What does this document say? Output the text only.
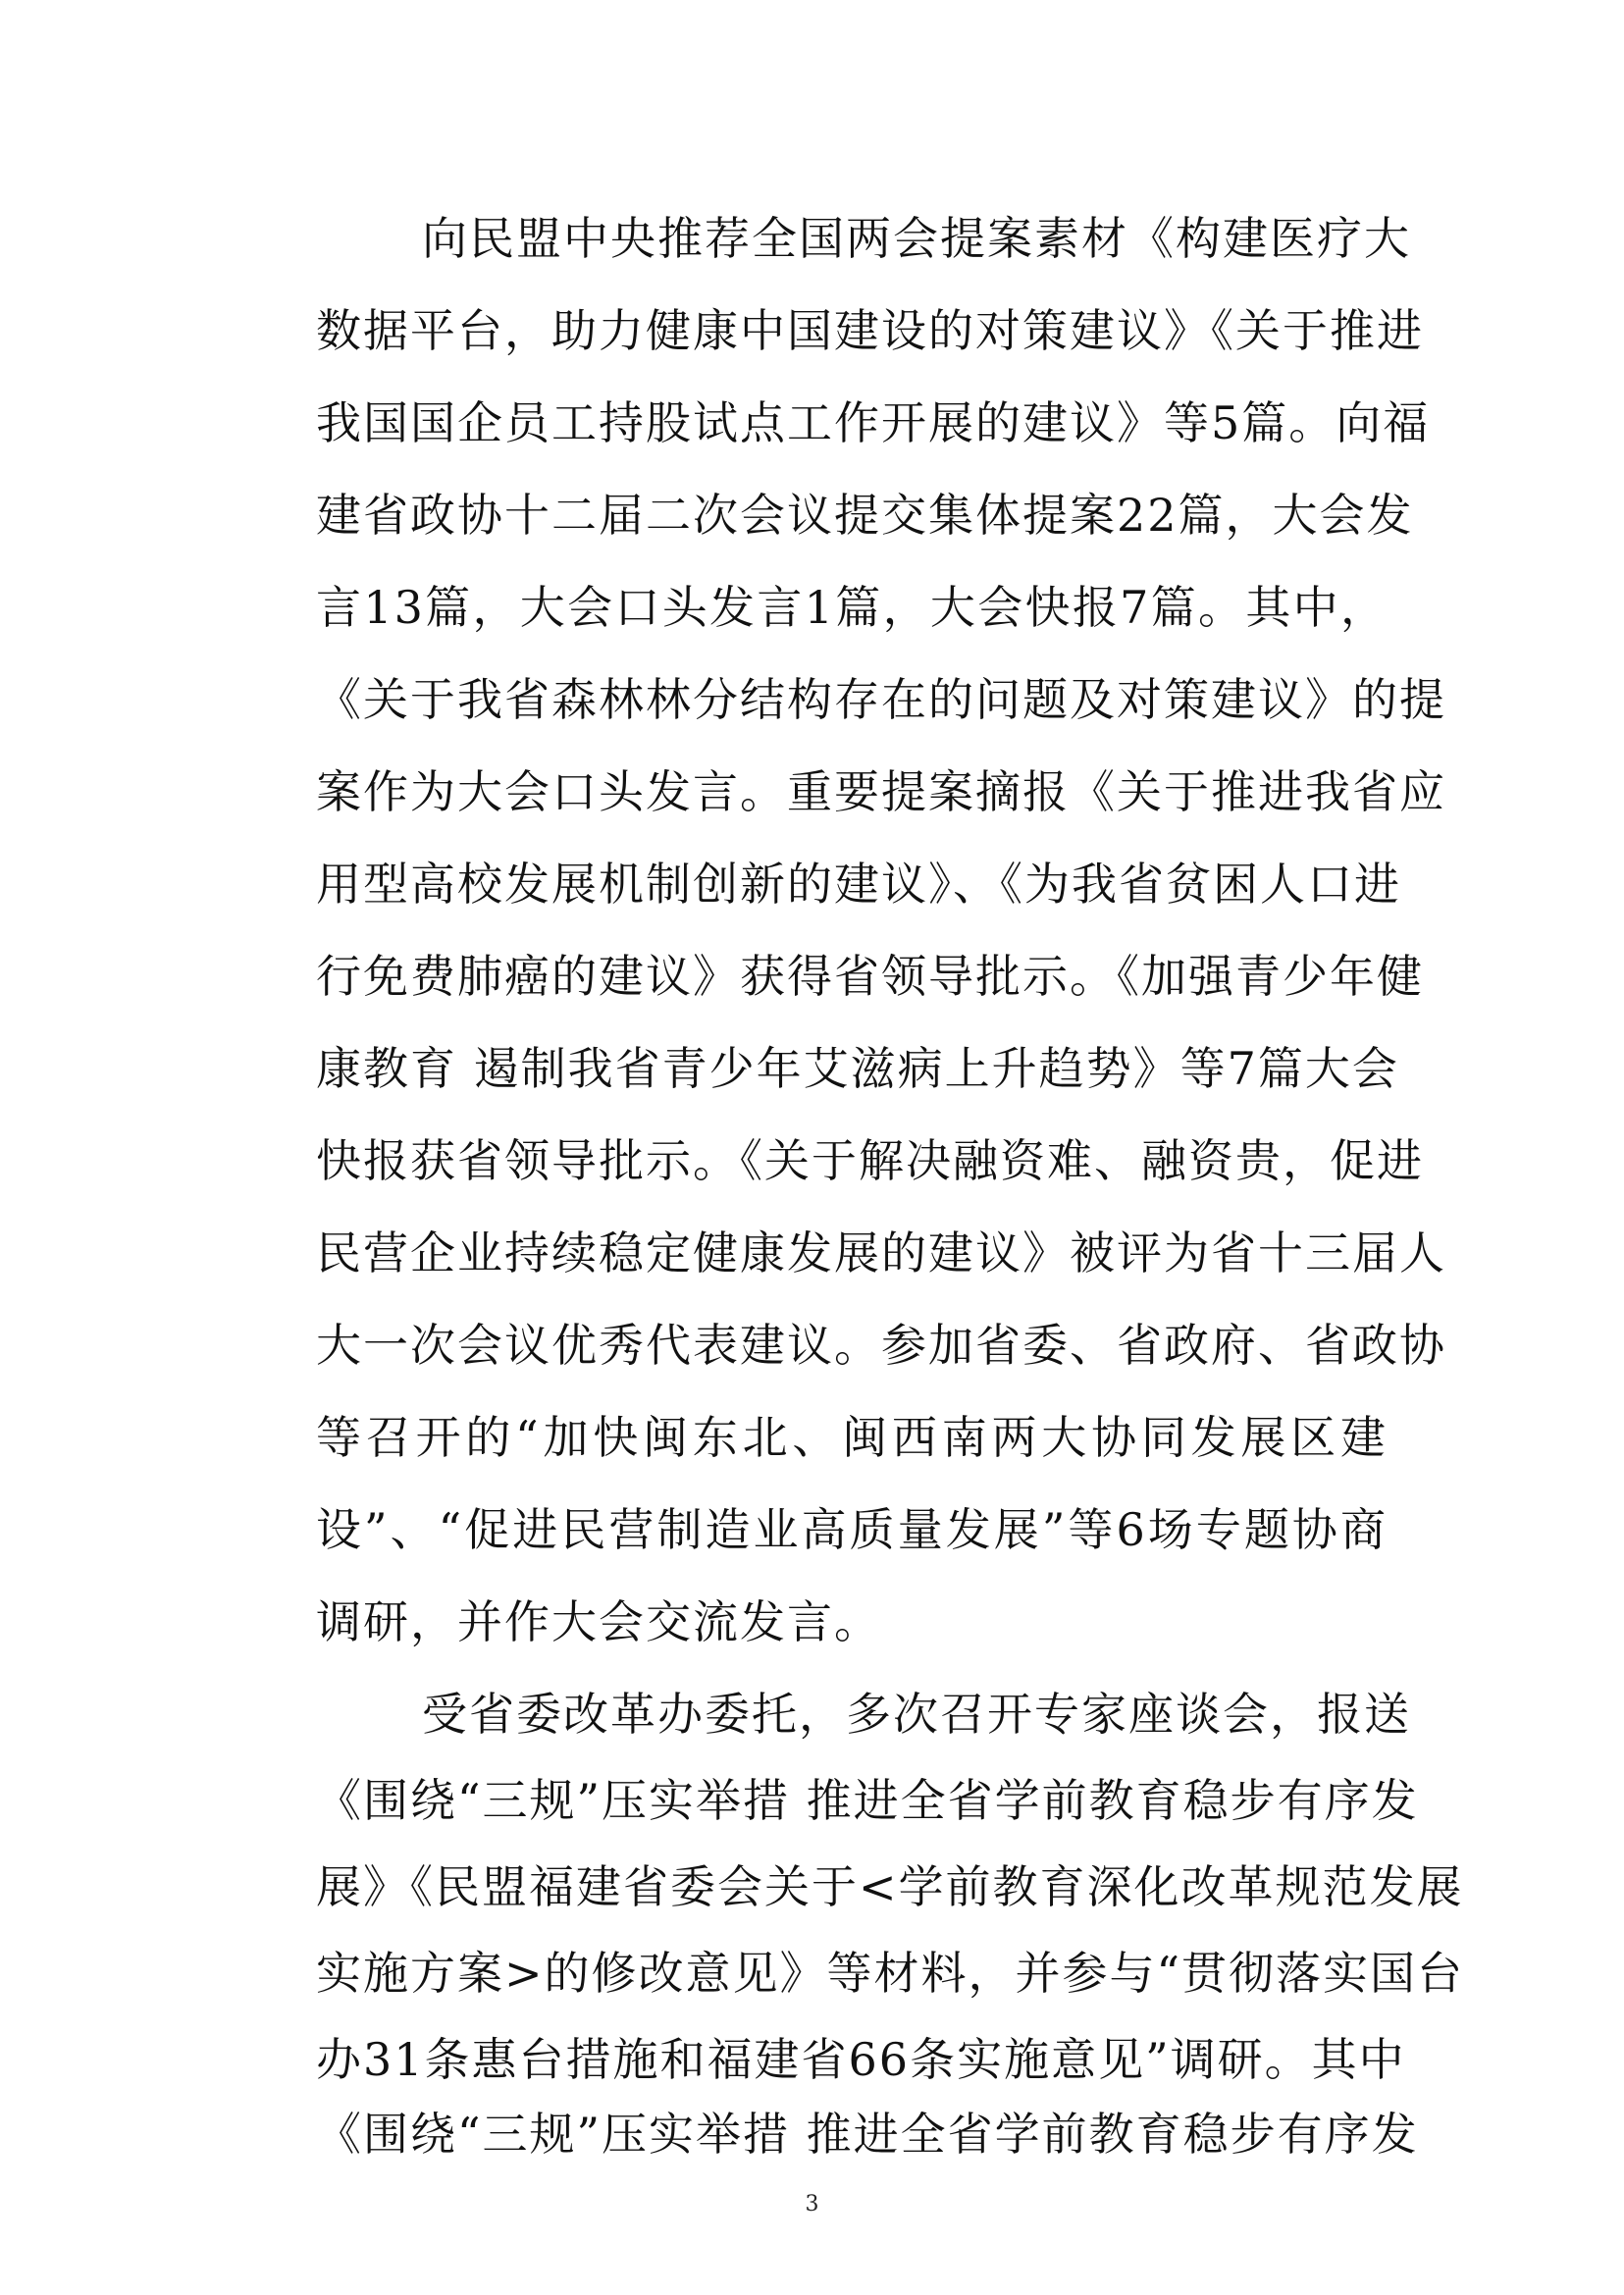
向民盟中央推荐全国两会提案素材《构建医疗大
数据平台，助力健康中国建设的对策建议》《关于推进
我国国企员工持股试点工作开展的建议》等5篇。向福
建省政协十二届二次会议提交集体提案22篇，大会发
言13篇，大会口头发言1篇，大会快报7篇。其中，
《关于我省森林林分结构存在的问题及对策建议》的提
案作为大会口头发言。重要提案摘报《关于推进我省应
用型高校发展机制创新的建议》、《为我省贫困人口进
行免费肺癌的建议》获得省领导批示。《加强青少年健
康教育 遏制我省青少年艾滋病上升趋势》等7篇大会
快报获省领导批示。《关于解决融资难、融资贵，促进
民营企业持续稳定健康发展的建议》被评为省十三届人
大一次会议优秀代表建议。参加省委、省政府、省政协
等召开的“加快闽东北、闽西南两大协同发展区建
设”、“促进民营制造业高质量发展”等6场专题协商
调研，并作大会交流发言。
受省委改革办委托，多次召开专家座谈会，报送
《围绕“三规”压实举措 推进全省学前教育稳步有序发
展》《民盟福建省委会关于<学前教育深化改革规范发展
实施方案>的修改意见》等材料，并参与“贯彻落实国台
办31条惠台措施和福建省66条实施意见”调研。其中
《围绕“三规”压实举措 推进全省学前教育稳步有序发
3
